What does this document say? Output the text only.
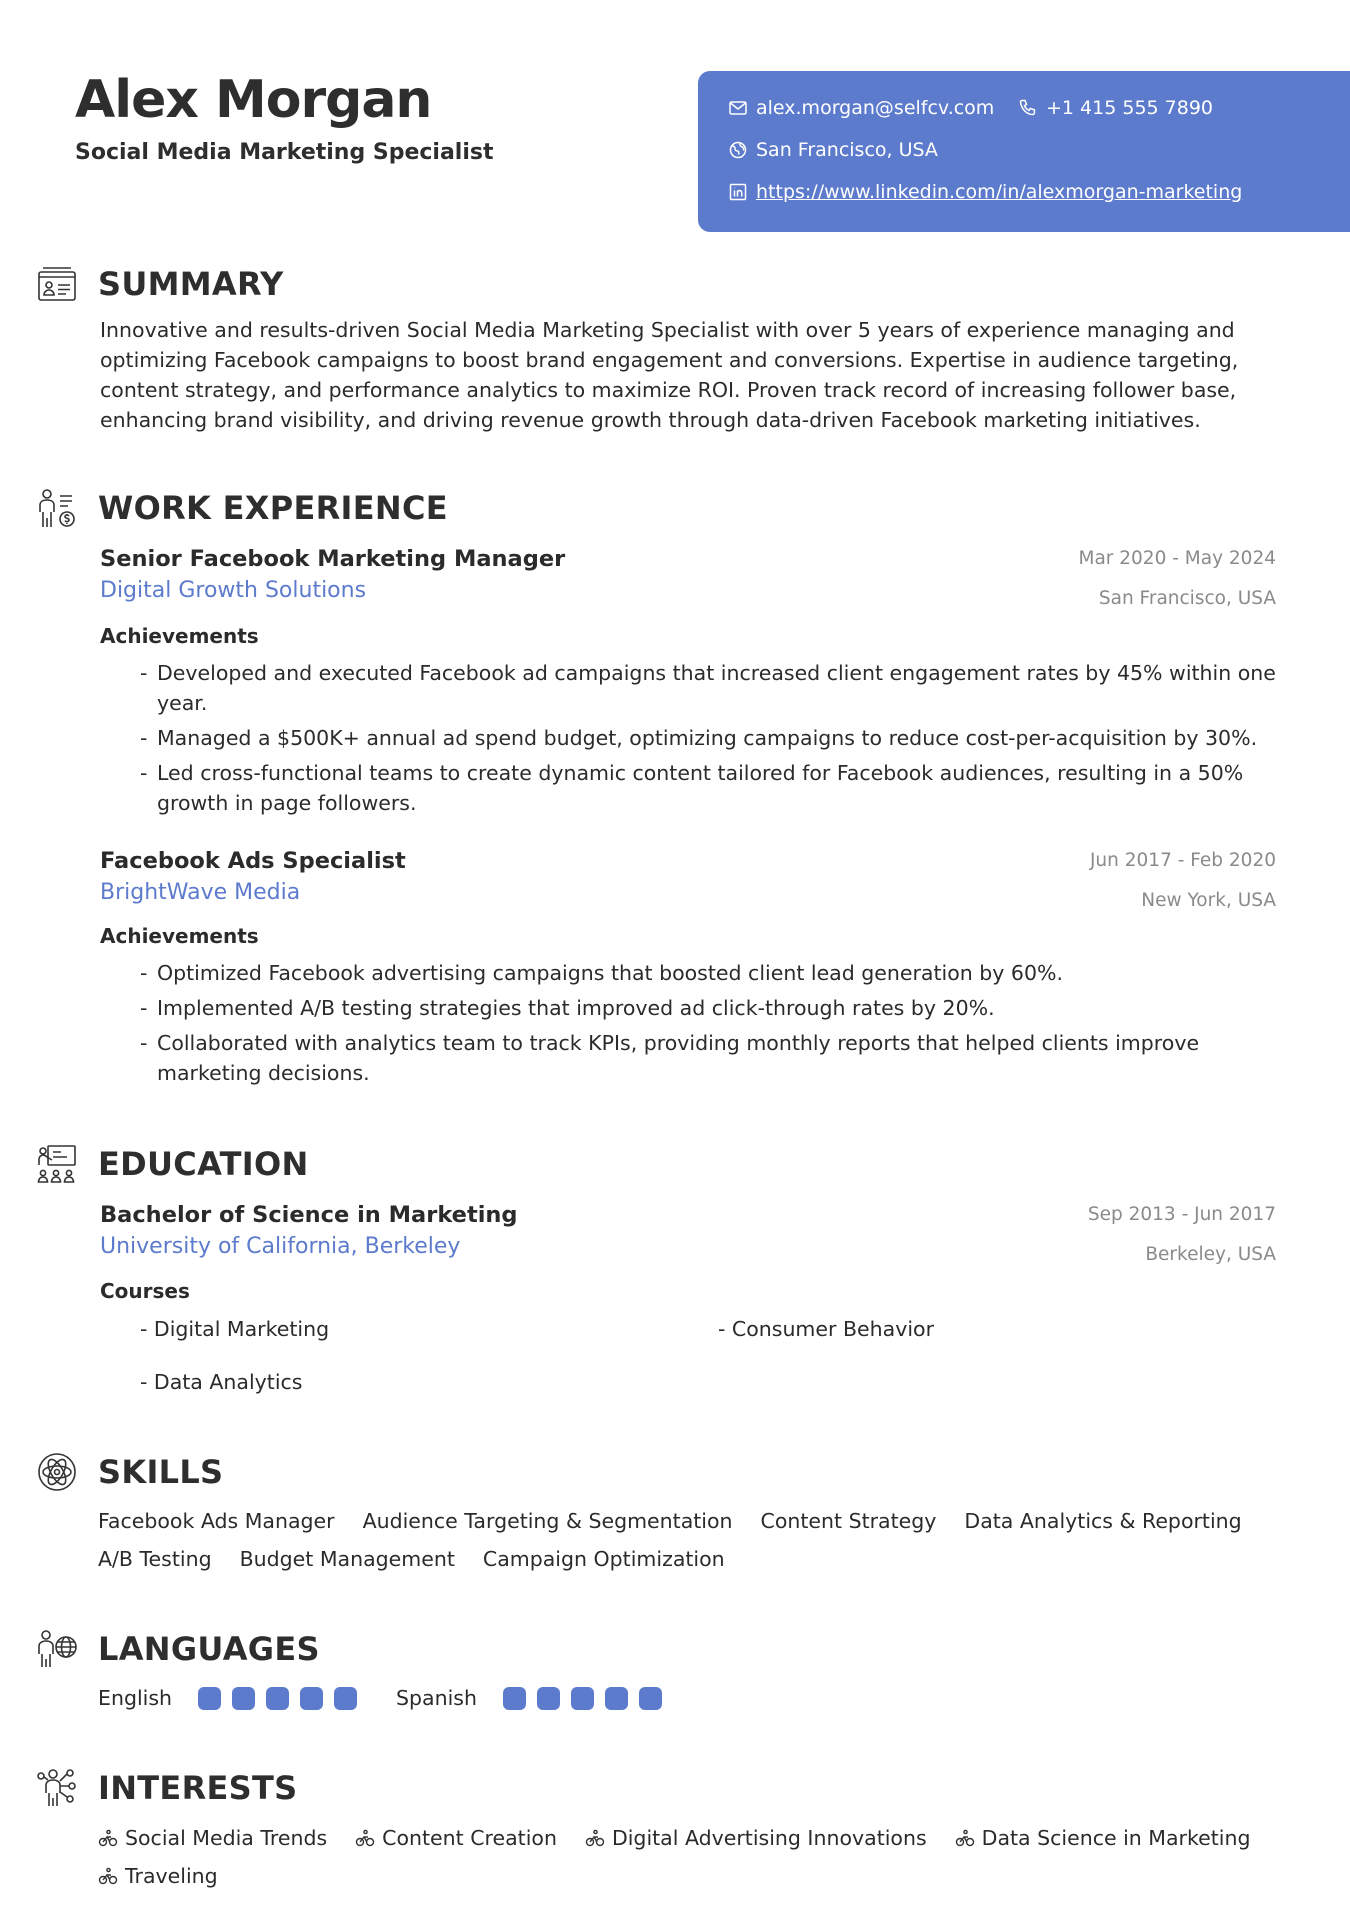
Alex Morgan
Social Media Marketing Specialist
alex.morgan@selfcv.com	+1 415 555 7890
San Francisco, USA
https://www.linkedin.com/in/alexmorgan-marketing
SUMMARY
Innovative and results-driven Social Media Marketing Specialist with over 5 years of experience managing and optimizing Facebook campaigns to boost brand engagement and conversions. Expertise in audience targeting, content strategy, and performance analytics to maximize ROI. Proven track record of increasing follower base, enhancing brand visibility, and driving revenue growth through data-driven Facebook marketing initiatives.
WORK EXPERIENCE
Senior Facebook Marketing Manager
Digital Growth Solutions
Mar 2020 - May 2024
San Francisco, USA
Achievements
- Developed and executed Facebook ad campaigns that increased client engagement rates by 45% within one year.
- Managed a $500K+ annual ad spend budget, optimizing campaigns to reduce cost-per-acquisition by 30%.
- Led cross-functional teams to create dynamic content tailored for Facebook audiences, resulting in a 50% growth in page followers.
Facebook Ads Specialist
BrightWave Media
Jun 2017 - Feb 2020
New York, USA
Achievements
- Optimized Facebook advertising campaigns that boosted client lead generation by 60%.
- Implemented A/B testing strategies that improved ad click-through rates by 20%.
- Collaborated with analytics team to track KPIs, providing monthly reports that helped clients improve marketing decisions.
EDUCATION
Bachelor of Science in Marketing
University of California, Berkeley
Sep 2013 - Jun 2017
Berkeley, USA
Courses
- Digital Marketing	- Consumer Behavior
- Data Analytics
SKILLS
Facebook Ads Manager Audience Targeting & Segmentation Content Strategy Data Analytics & Reporting
A/B Testing Budget Management Campaign Optimization
LANGUAGES
English	Spanish
INTERESTS
Social Media Trends	Content Creation	Digital Advertising Innovations	Data Science in Marketing
Traveling
